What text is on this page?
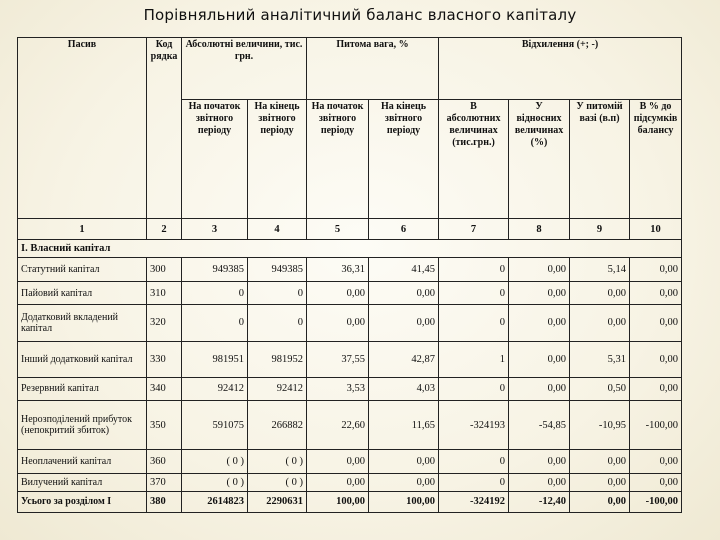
Порівняльний аналітичний баланс власного капіталу
Пасив	Код рядка	Абсолютні величини, тис. грн.		Питома вага, %		Відхилення (+; -)			
		На початок звітного періоду	На кінець звітного періоду	На початок звітного періоду	На кінець звітного періоду	В абсолютних величинах (тис.грн.)	У відносних величинах (%)	У питомій вазі (в.п)	В % до підсумків балансу
1	2	3	4	5	6	7	8	9	10
I. Власний капітал									
Статутний капітал	300	949385	949385	36,31	41,45	0	0,00	5,14	0,00
Пайовий капітал	310	0	0	0,00	0,00	0	0,00	0,00	0,00
Додатковий вкладений капітал	320	0	0	0,00	0,00	0	0,00	0,00	0,00
Інший додатковий капітал	330	981951	981952	37,55	42,87	1	0,00	5,31	0,00
Резервний капітал	340	92412	92412	3,53	4,03	0	0,00	0,50	0,00
Нерозподілений прибуток (непокритий збиток)	350	591075	266882	22,60	11,65	-324193	-54,85	-10,95	-100,00
Неоплачений капітал	360	( 0 )	( 0 )	0,00	0,00	0	0,00	0,00	0,00
Вилучений капітал	370	( 0 )	( 0 )	0,00	0,00	0	0,00	0,00	0,00
Усього за розділом І	380	2614823	2290631	100,00	100,00	-324192	-12,40	0,00	-100,00
